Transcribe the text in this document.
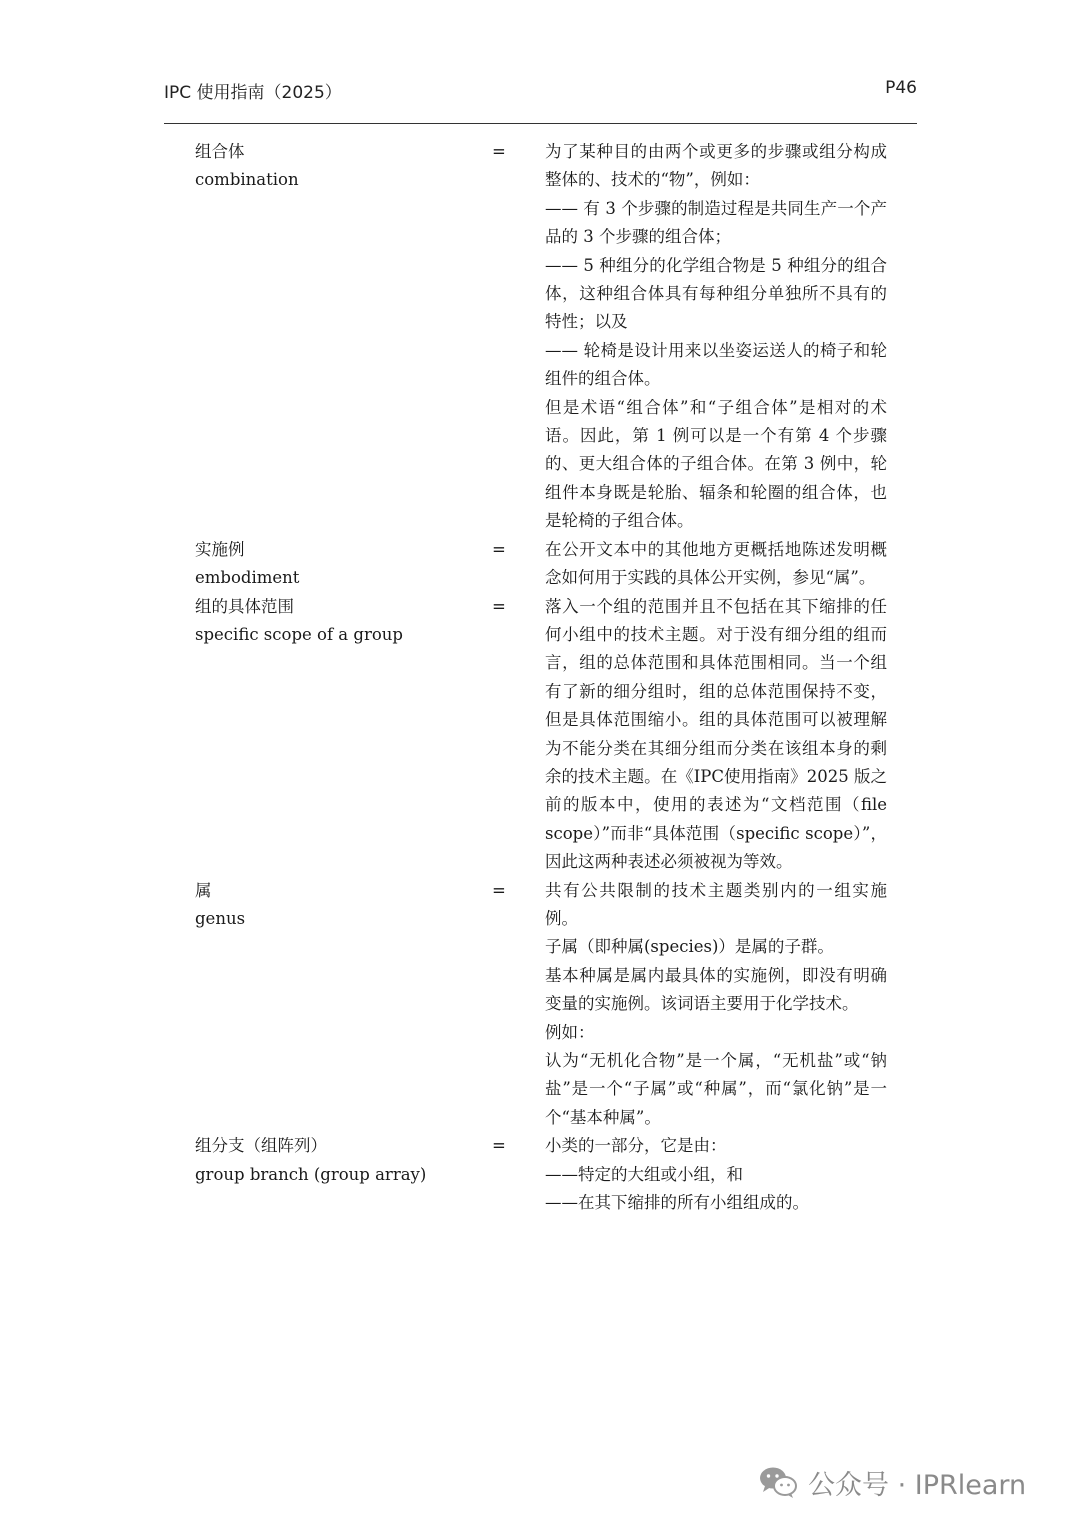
IPC 使用指南（2025）	P46
组合体
combination
= 为了某种目的由两个或更多的步骤或组分构成整体的、技术的“物”，例如：

—— 有 3 个步骤的制造过程是共同生产一个产品的 3 个步骤的组合体；

—— 5 种组分的化学组合物是 5 种组分的组合体，这种组合体具有每种组分单独所不具有的特性；以及

—— 轮椅是设计用来以坐姿运送人的椅子和轮组件的组合体。

但是术语“组合体”和“子组合体”是相对的术语。因此，第 1 例可以是一个有第 4 个步骤的、更大组合体的子组合体。在第 3 例中，轮组件本身既是轮胎、辐条和轮圈的组合体，也是轮椅的子组合体。

实施例
embodiment
= 在公开文本中的其他地方更概括地陈述发明概念如何用于实践的具体公开实例，参见“属”。

组的具体范围
specific scope of a group
= 落入一个组的范围并且不包括在其下缩排的任何小组中的技术主题。对于没有细分组的组而言，组的总体范围和具体范围相同。当一个组有了新的细分组时，组的总体范围保持不变，但是具体范围缩小。组的具体范围可以被理解为不能分类在其细分组而分类在该组本身的剩余的技术主题。在《IPC使用指南》2025 版之前的版本中，使用的表述为“文档范围（file scope）”而非“具体范围（specific scope）”，因此这两种表述必须被视为等效。

属
genus
= 共有公共限制的技术主题类别内的一组实施例。

子属（即种属(species)）是属的子群。

基本种属是属内最具体的实施例，即没有明确变量的实施例。该词语主要用于化学技术。

例如：

认为“无机化合物”是一个属，“无机盐”或“钠盐”是一个“子属”或“种属”，而“氯化钠”是一个“基本种属”。

组分支（组阵列）
group branch (group array)
= 小类的一部分，它是由：

——特定的大组或小组，和

——在其下缩排的所有小组组成的。

公众号 · IPRlearn
